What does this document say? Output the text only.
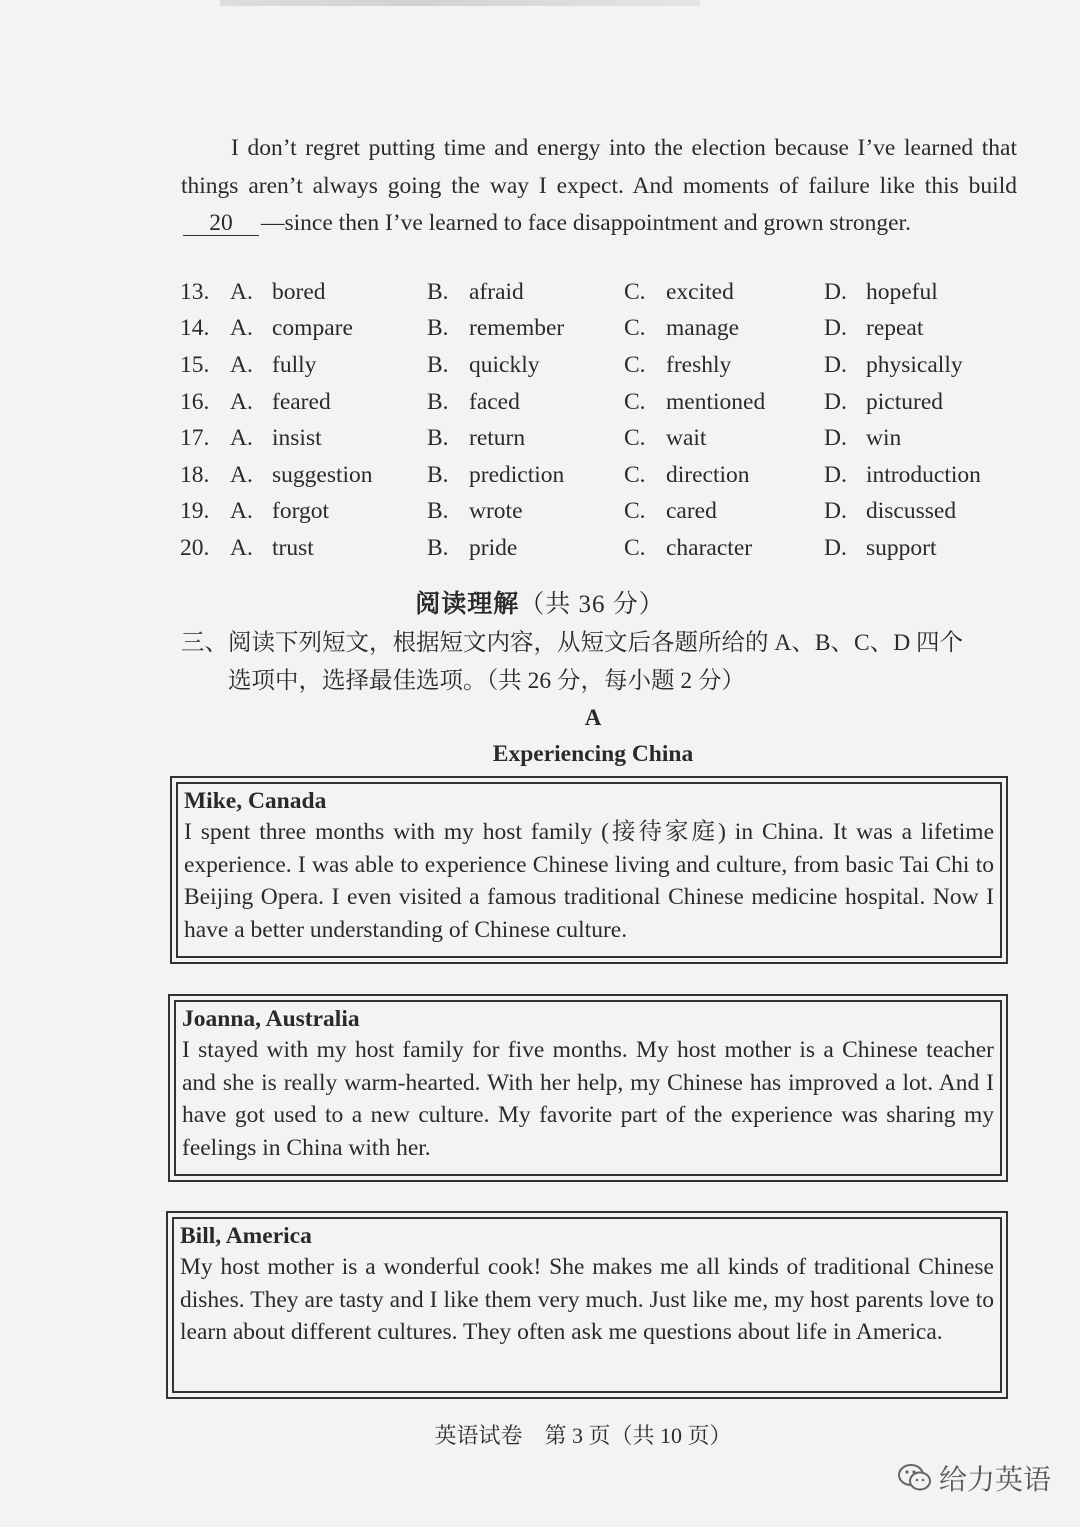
I don’t regret putting time and energy into the election because I’ve learned that things aren’t always going the way I expect. And moments of failure like this build 20 —since then I’ve learned to face disappointment and grown stronger.

13. A. bored	B. afraid	C. excited	D. hopeful
14. A. compare	B. remember	C. manage	D. repeat
15. A. fully	B. quickly	C. freshly	D. physically
16. A. feared	B. faced	C. mentioned	D. pictured
17. A. insist	B. return	C. wait	D. win
18. A. suggestion	B. prediction	C. direction	D. introduction
19. A. forgot	B. wrote	C. cared	D. discussed
20. A. trust	B. pride	C. character	D. support
阅读理解（共 36 分）

三、阅读下列短文，根据短文内容，从短文后各题所给的 A、B、C、D 四个

选项中，选择最佳选项。（共 26 分，每小题 2 分）

A
Experiencing China

Mike, Canada

I spent three months with my host family (接待家庭) in China. It was a lifetime experience. I was able to experience Chinese living and culture, from basic Tai Chi to Beijing Opera. I even visited a famous traditional Chinese medicine hospital. Now I have a better understanding of Chinese culture.

Joanna, Australia

I stayed with my host family for five months. My host mother is a Chinese teacher and she is really warm-hearted. With her help, my Chinese has improved a lot. And I have got used to a new culture. My favorite part of the experience was sharing my feelings in China with her.

Bill, America

My host mother is a wonderful cook! She makes me all kinds of traditional Chinese dishes. They are tasty and I like them very much. Just like me, my host parents love to learn about different cultures. They often ask me questions about life in America.

英语试卷　第 3 页（共 10 页）
给力英语
